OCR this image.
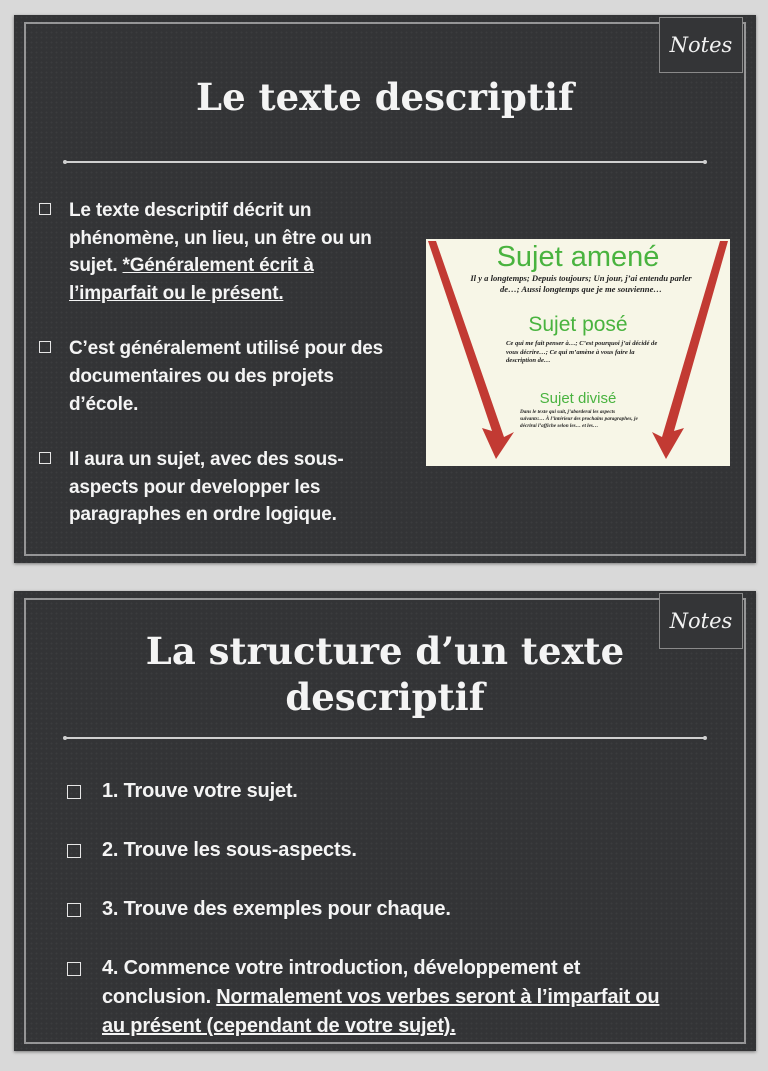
Notes
Le texte descriptif
Le texte descriptif décrit un phénomène, un lieu, un être ou un sujet. *Généralement écrit à l’imparfait ou le présent.
C’est généralement utilisé pour des documentaires ou des projets d’école.
Il aura un sujet, avec des sous-aspects pour developper les paragraphes en ordre logique.
Sujet amené
Il y a longtemps; Depuis toujours; Un jour, j’ai entendu parler de…; Aussi longtemps que je me souvienne…
Sujet posé
Ce qui me fait penser à…; C’est pourquoi j’ai décidé de vous décrire…; Ce qui m’amène à vous faire la description de…
Sujet divisé
Dans le texte qui suit, j’aborderai les aspects suivants:… À l’intérieur des prochains paragraphes, je décrirai l’affiche selon les… et les…
Notes
La structure d’un texte descriptif
1. Trouve votre sujet.
2. Trouve les sous-aspects.
3. Trouve des exemples pour chaque.
4. Commence votre introduction, développement et conclusion. Normalement vos verbes seront à l’imparfait ou au présent (cependant de votre sujet).
